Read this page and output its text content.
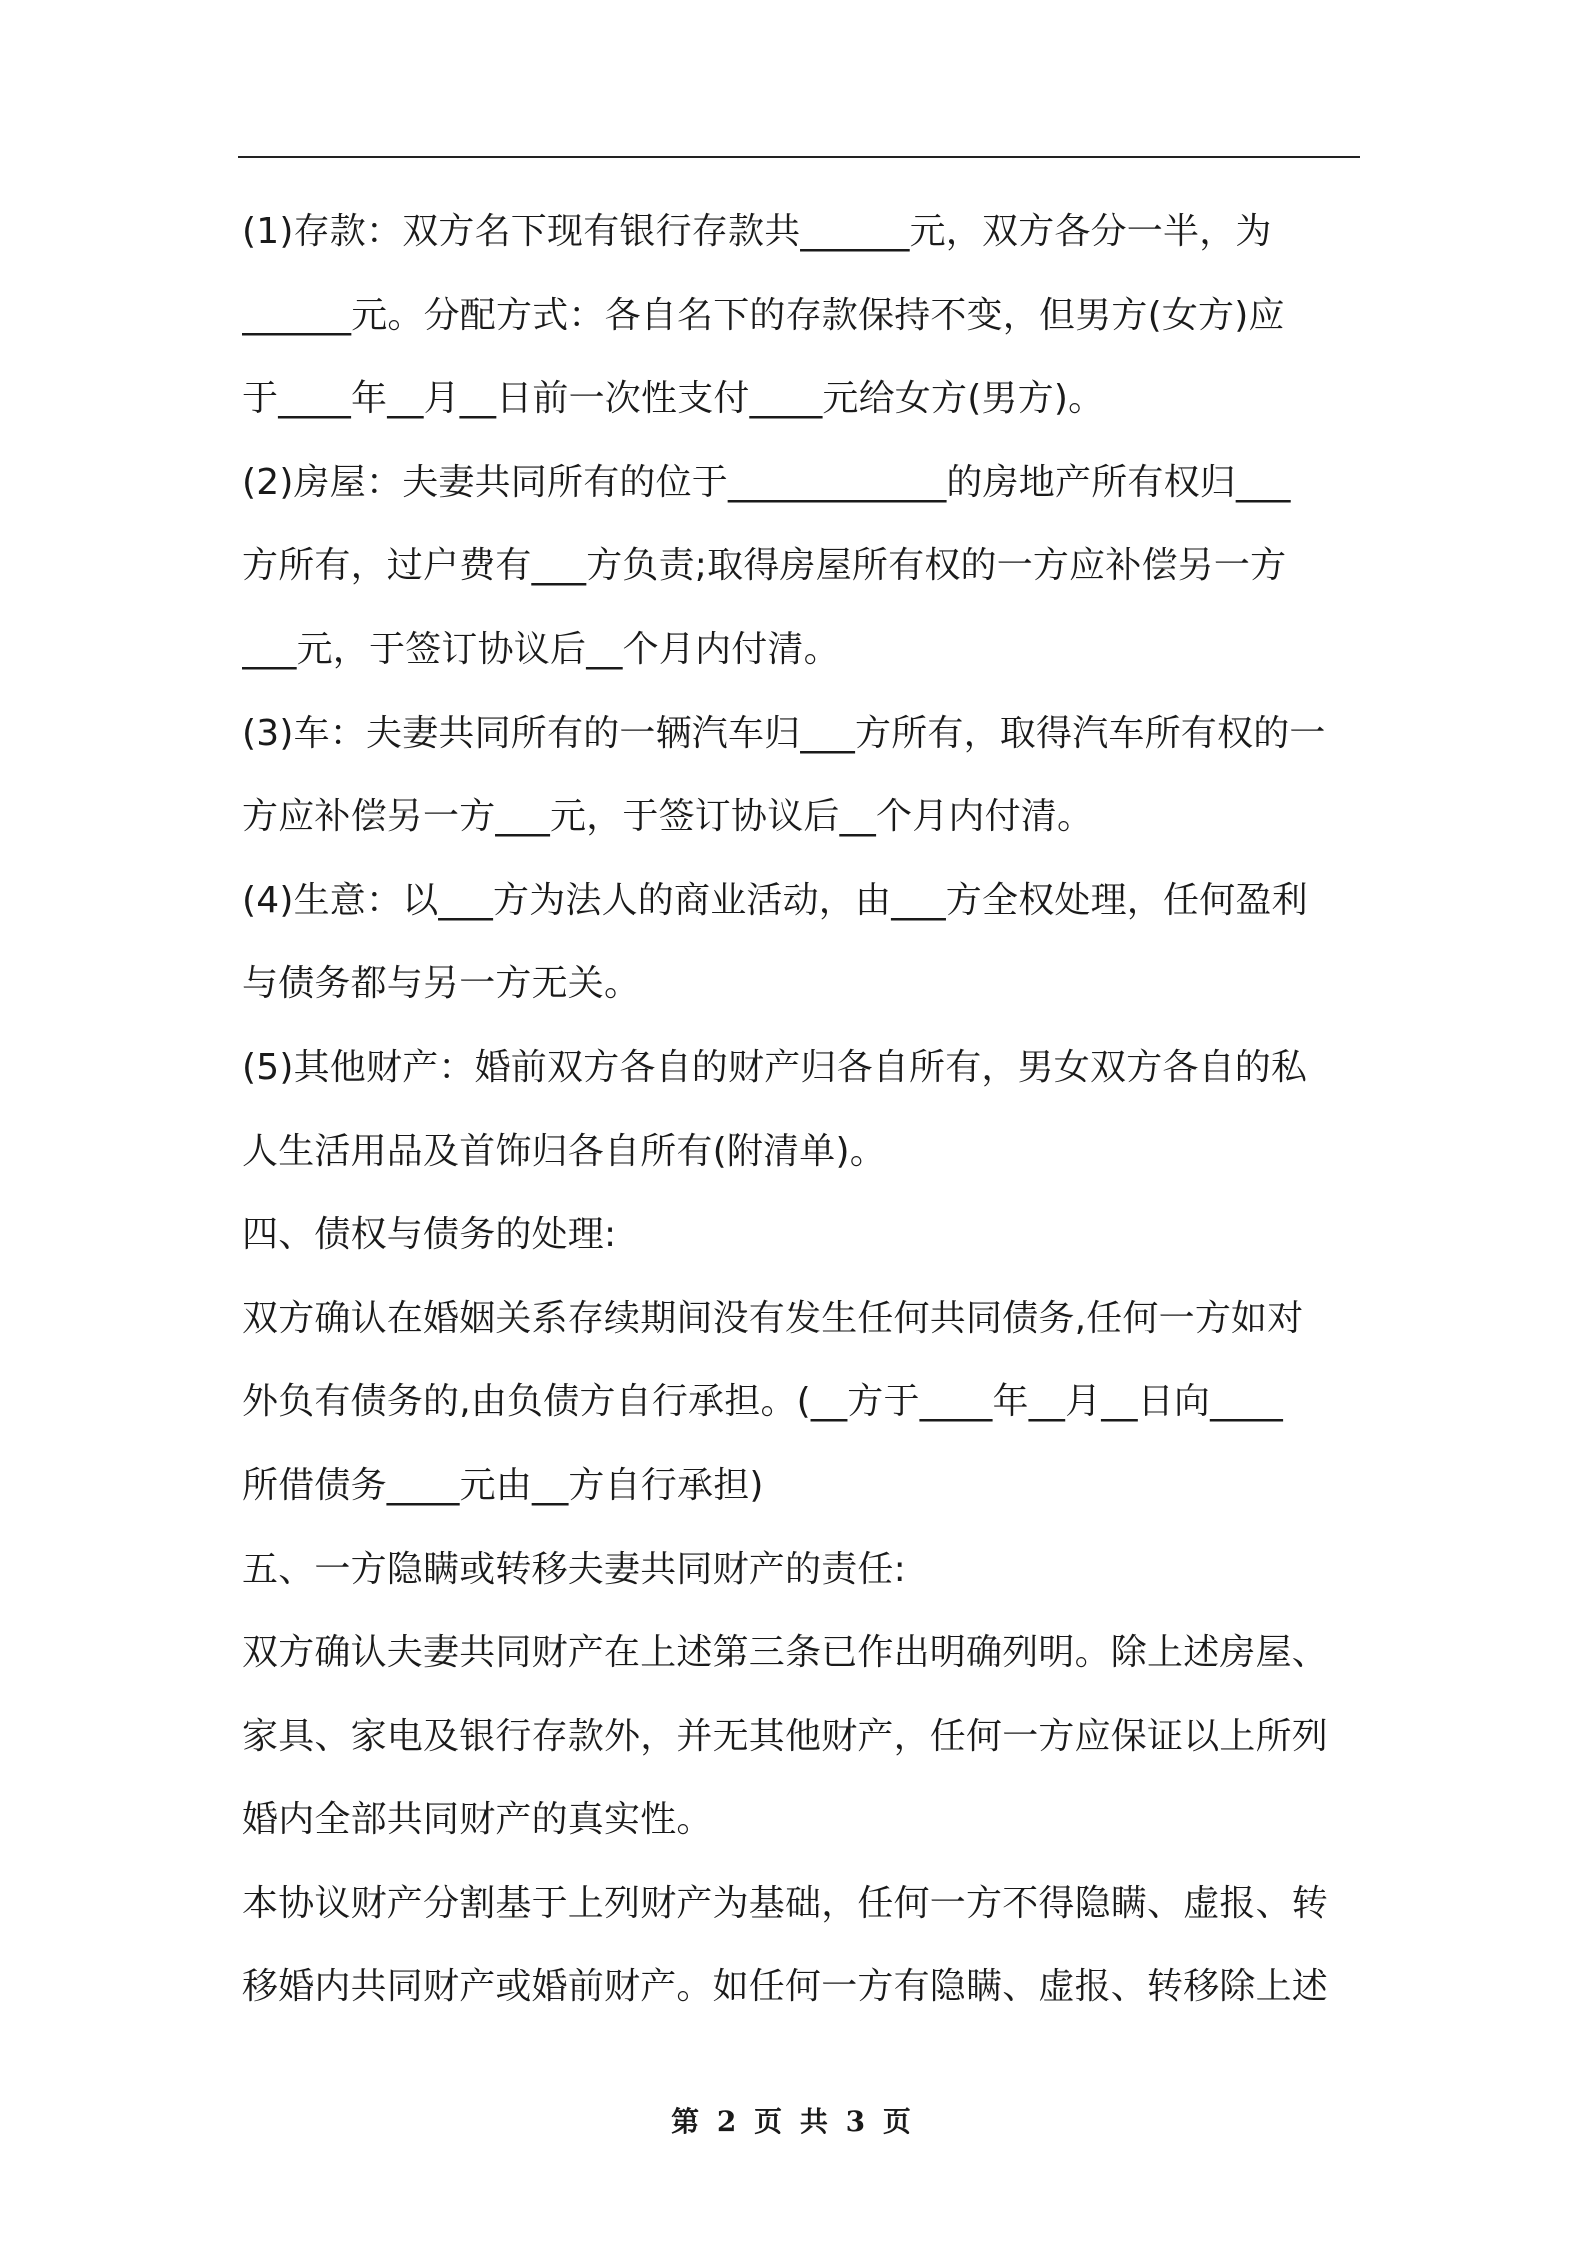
(1)存款：双方名下现有银行存款共______元，双方各分一半，为
______元。分配方式：各自名下的存款保持不变，但男方(女方)应
于____年__月__日前一次性支付____元给女方(男方)。
(2)房屋：夫妻共同所有的位于____________的房地产所有权归___
方所有，过户费有___方负责;取得房屋所有权的一方应补偿另一方
___元，于签订协议后__个月内付清。
(3)车：夫妻共同所有的一辆汽车归___方所有，取得汽车所有权的一
方应补偿另一方___元，于签订协议后__个月内付清。
(4)生意：以___方为法人的商业活动，由___方全权处理，任何盈利
与债务都与另一方无关。
(5)其他财产：婚前双方各自的财产归各自所有，男女双方各自的私
人生活用品及首饰归各自所有(附清单)。
四、债权与债务的处理:
双方确认在婚姻关系存续期间没有发生任何共同债务,任何一方如对
外负有债务的,由负债方自行承担。(__方于____年__月__日向____
所借债务____元由__方自行承担)
五、一方隐瞒或转移夫妻共同财产的责任:
双方确认夫妻共同财产在上述第三条已作出明确列明。除上述房屋、
家具、家电及银行存款外，并无其他财产，任何一方应保证以上所列
婚内全部共同财产的真实性。
本协议财产分割基于上列财产为基础，任何一方不得隐瞒、虚报、转
移婚内共同财产或婚前财产。如任何一方有隐瞒、虚报、转移除上述
第 2 页 共 3 页
